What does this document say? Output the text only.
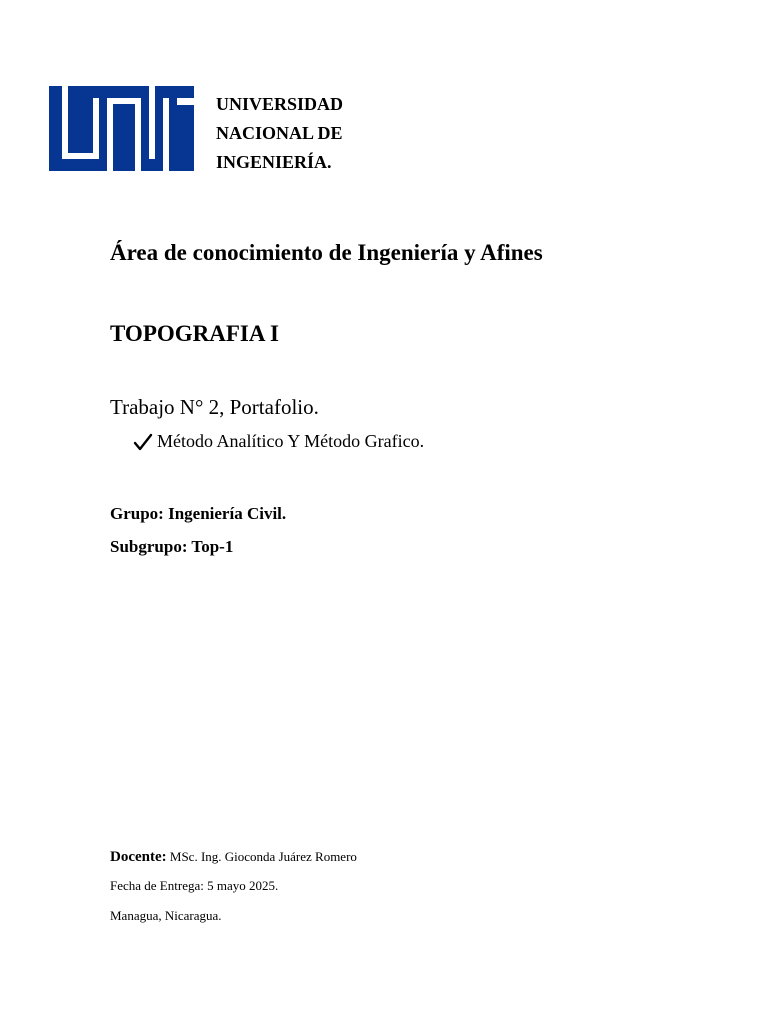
UNIVERSIDAD
NACIONAL DE
INGENIERÍA.
Área de conocimiento de Ingeniería y Afines
TOPOGRAFIA I
Trabajo N° 2, Portafolio.
Método Analítico Y Método Grafico.
Grupo: Ingeniería Civil.
Subgrupo: Top-1
Docente: MSc. Ing. Gioconda Juárez Romero
Fecha de Entrega: 5 mayo 2025.
Managua, Nicaragua.
